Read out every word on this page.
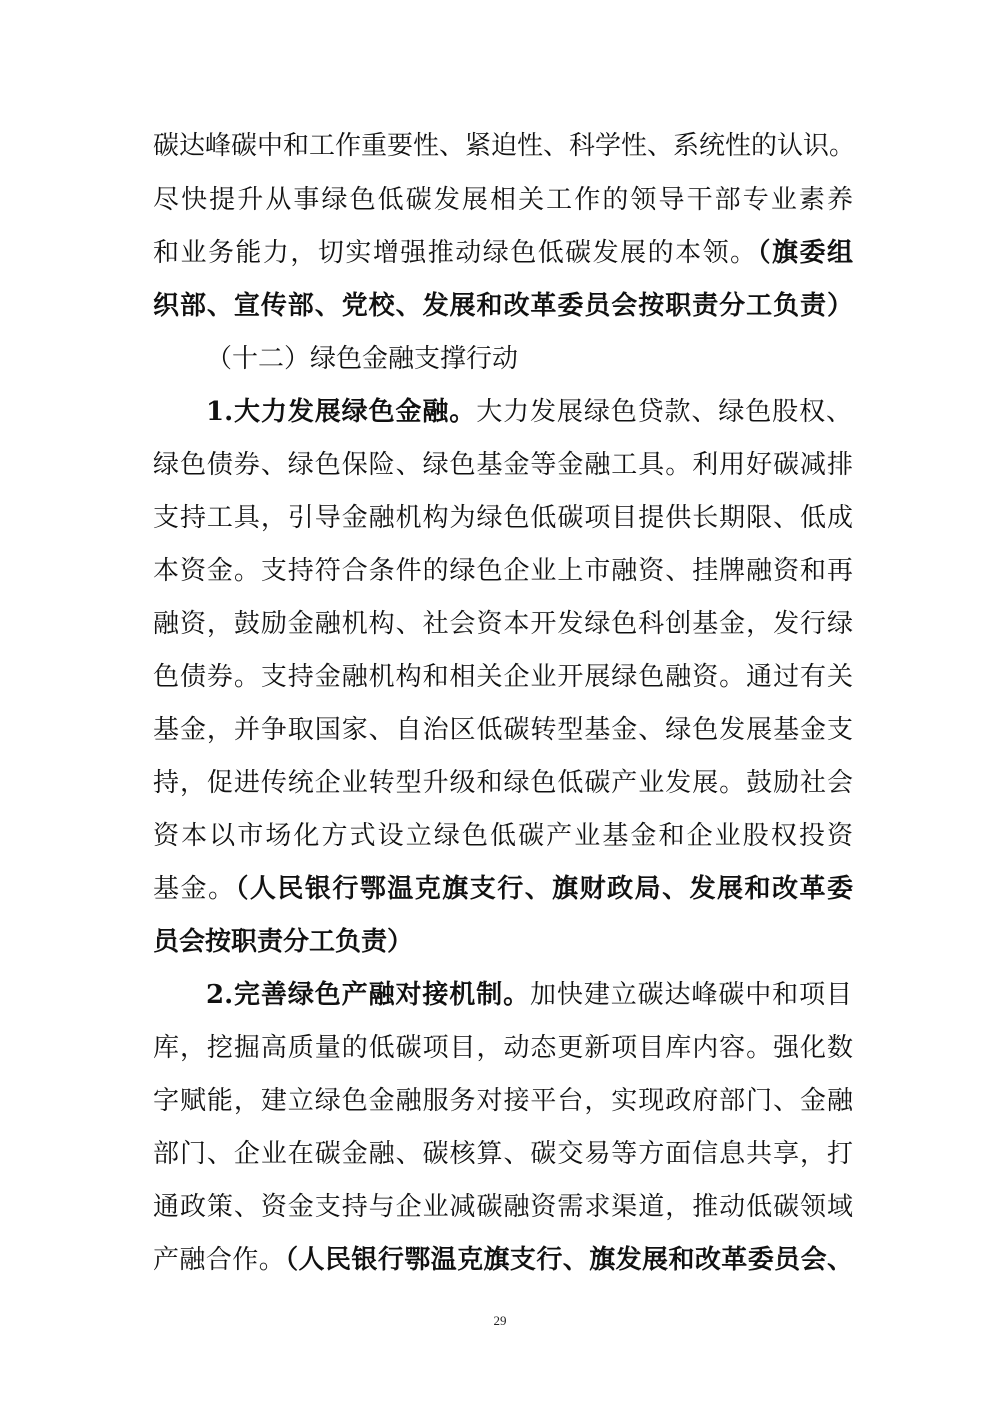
碳达峰碳中和工作重要性、紧迫性、科学性、系统性的认识。
尽快提升从事绿色低碳发展相关工作的领导干部专业素养
和业务能力，切实增强推动绿色低碳发展的本领。（旗委组
织部、宣传部、党校、发展和改革委员会按职责分工负责）
（十二）绿色金融支撑行动
1.大力发展绿色金融。大力发展绿色贷款、绿色股权、
绿色债券、绿色保险、绿色基金等金融工具。利用好碳减排
支持工具，引导金融机构为绿色低碳项目提供长期限、低成
本资金。支持符合条件的绿色企业上市融资、挂牌融资和再
融资，鼓励金融机构、社会资本开发绿色科创基金，发行绿
色债券。支持金融机构和相关企业开展绿色融资。通过有关
基金，并争取国家、自治区低碳转型基金、绿色发展基金支
持，促进传统企业转型升级和绿色低碳产业发展。鼓励社会
资本以市场化方式设立绿色低碳产业基金和企业股权投资
基金。（人民银行鄂温克旗支行、旗财政局、发展和改革委
员会按职责分工负责）
2.完善绿色产融对接机制。加快建立碳达峰碳中和项目
库，挖掘高质量的低碳项目，动态更新项目库内容。强化数
字赋能，建立绿色金融服务对接平台，实现政府部门、金融
部门、企业在碳金融、碳核算、碳交易等方面信息共享，打
通政策、资金支持与企业减碳融资需求渠道，推动低碳领域
产融合作。（人民银行鄂温克旗支行、旗发展和改革委员会、
29
